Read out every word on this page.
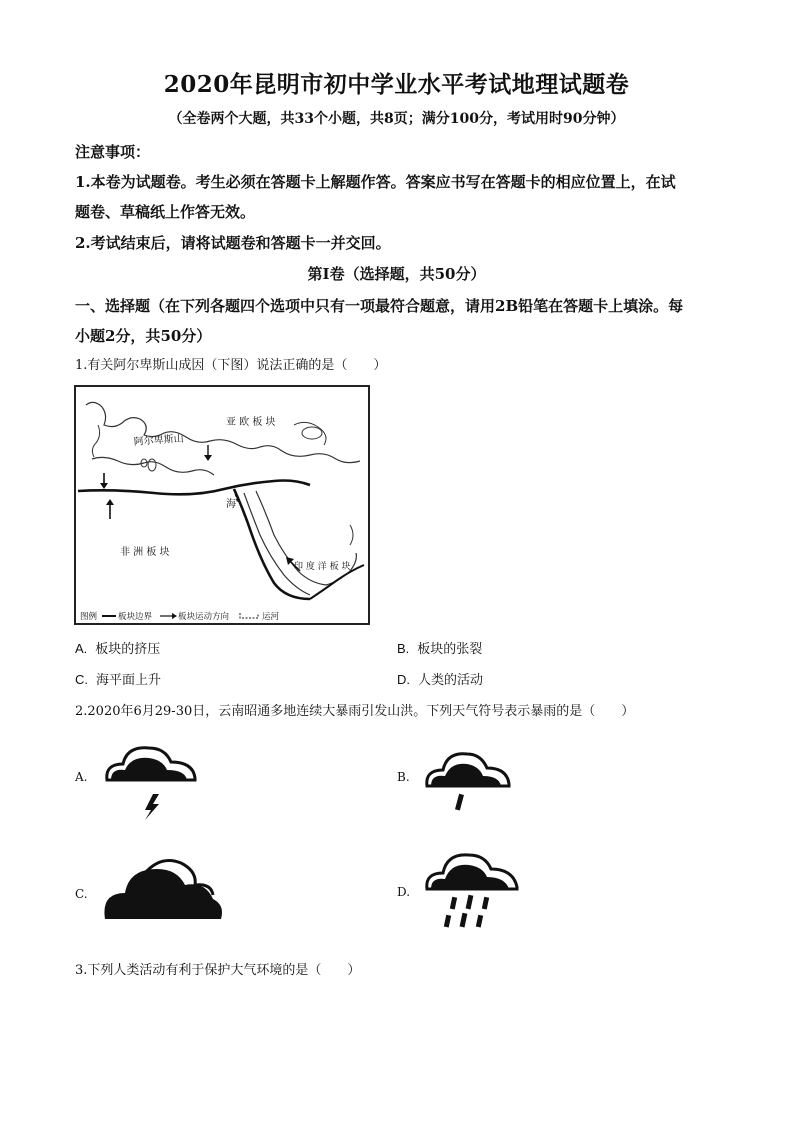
2020年昆明市初中学业水平考试地理试题卷
（全卷两个大题，共33个小题，共8页；满分100分，考试用时90分钟）
注意事项：
1.本卷为试题卷。考生必须在答题卡上解题作答。答案应书写在答题卡的相应位置上，在试
题卷、草稿纸上作答无效。
2.考试结束后，请将试题卷和答题卡一并交回。
第Ⅰ卷（选择题，共50分）
一、选择题（在下列各题四个选项中只有一项最符合题意，请用2B铅笔在答题卡上填涂。每
小题2分，共50分）
1.有关阿尔卑斯山成因（下图）说法正确的是（　　）
亚 欧 板 块
阿尔卑斯山
海
非 洲 板 块
印 度 洋 板 块
图例 板块边界	板块运动方向	运河
A. 板块的挤压	B. 板块的张裂
C. 海平面上升	D. 人类的活动
2.2020年6月29-30日，云南昭通多地连续大暴雨引发山洪。下列天气符号表示暴雨的是（　　）
A.	B.
C.	D.
3.下列人类活动有利于保护大气环境的是（　　）
